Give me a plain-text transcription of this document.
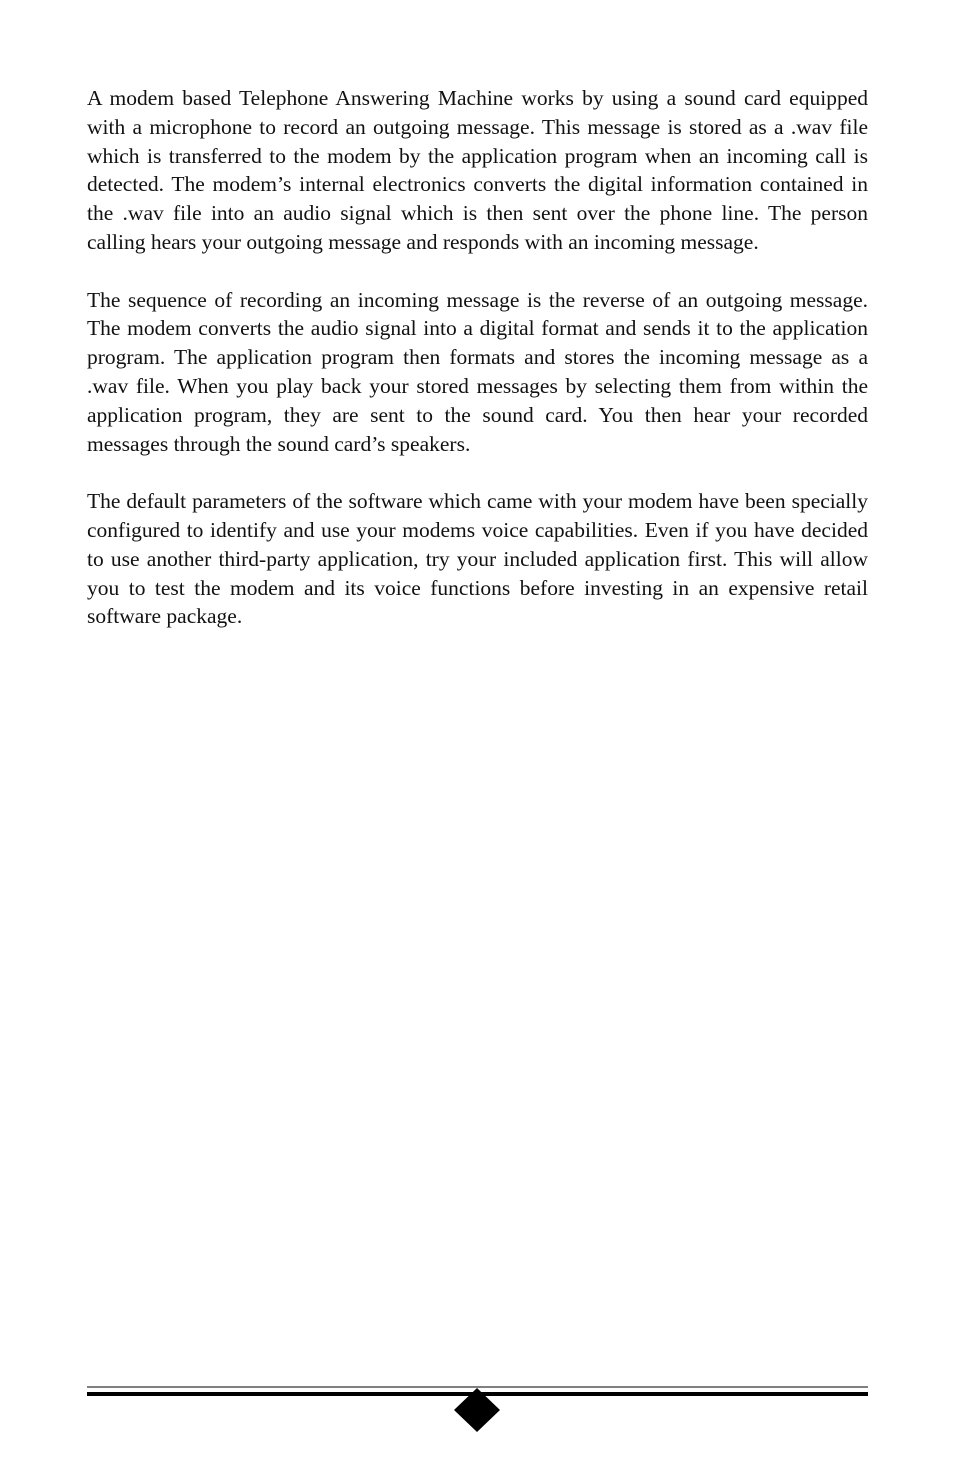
A modem based Telephone Answering Machine works by using a sound card equipped with a microphone to record an outgoing message. This message is stored as a .wav file which is transferred to the modem by the application program when an incoming call is detected. The modem’s internal electronics converts the digital information contained in the .wav file into an audio signal which is then sent over the phone line. The person calling hears your outgoing message and responds with an incoming message.

The sequence of recording an incoming message is the reverse of an outgoing message. The modem converts the audio signal into a digital format and sends it to the application program. The application program then formats and stores the incoming message as a .wav file. When you play back your stored messages by selecting them from within the application program, they are sent to the sound card. You then hear your recorded messages through the sound card’s speakers.

The default parameters of the software which came with your modem have been specially configured to identify and use your modems voice capabilities. Even if you have decided to use another third-party application, try your included application first. This will allow you to test the modem and its voice functions before investing in an expensive retail software package.
